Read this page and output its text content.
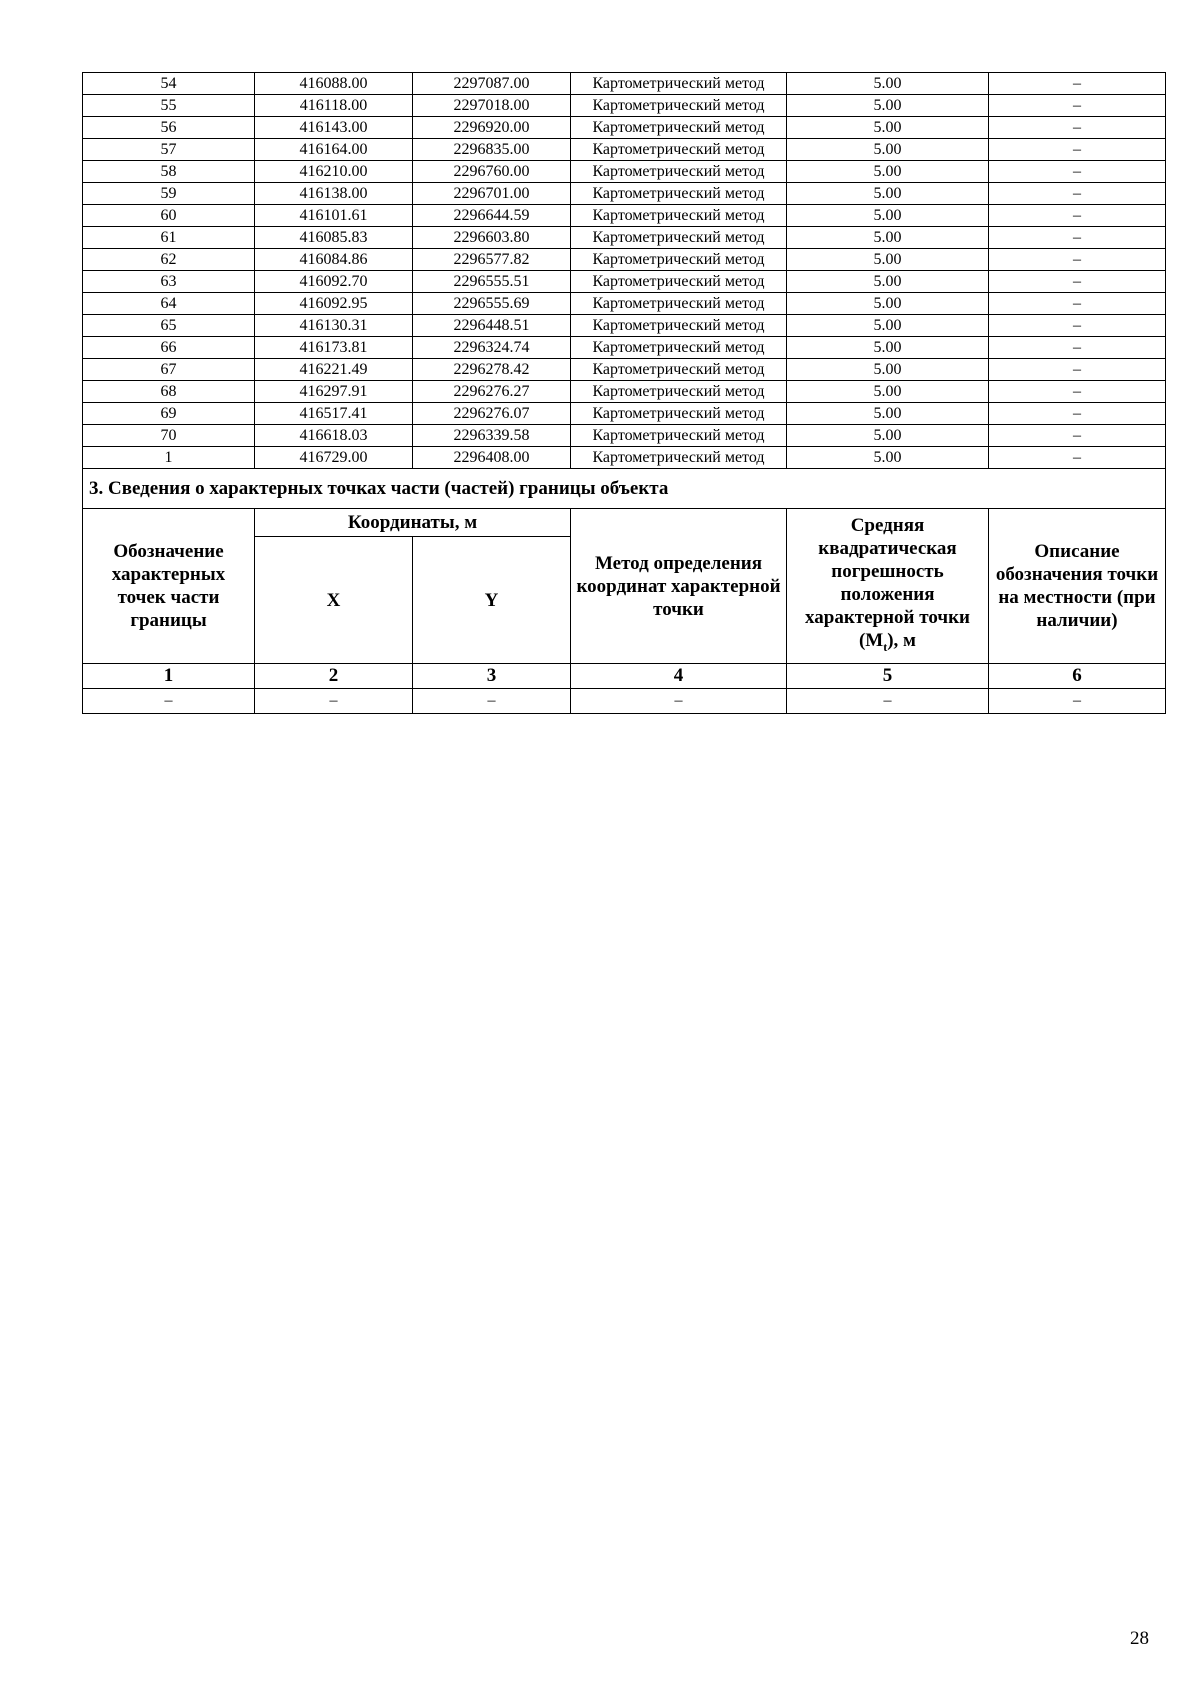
54	416088.00	2297087.00	Картометрический метод	5.00	–
55	416118.00	2297018.00	Картометрический метод	5.00	–
56	416143.00	2296920.00	Картометрический метод	5.00	–
57	416164.00	2296835.00	Картометрический метод	5.00	–
58	416210.00	2296760.00	Картометрический метод	5.00	–
59	416138.00	2296701.00	Картометрический метод	5.00	–
60	416101.61	2296644.59	Картометрический метод	5.00	–
61	416085.83	2296603.80	Картометрический метод	5.00	–
62	416084.86	2296577.82	Картометрический метод	5.00	–
63	416092.70	2296555.51	Картометрический метод	5.00	–
64	416092.95	2296555.69	Картометрический метод	5.00	–
65	416130.31	2296448.51	Картометрический метод	5.00	–
66	416173.81	2296324.74	Картометрический метод	5.00	–
67	416221.49	2296278.42	Картометрический метод	5.00	–
68	416297.91	2296276.27	Картометрический метод	5.00	–
69	416517.41	2296276.07	Картометрический метод	5.00	–
70	416618.03	2296339.58	Картометрический метод	5.00	–
1	416729.00	2296408.00	Картометрический метод	5.00	–
3. Сведения о характерных точках части (частей) границы объекта					
Обозначение характерных точек части границы	Координаты, м		Метод определения координат характерной точки	Средняя квадратическая погрешность положения характерной точки $(M_t)$, м	Описание обозначения точки на местности (при наличии)
	X	Y			
1	2	3	4	5	6
–	–	–	–	–	–
28
